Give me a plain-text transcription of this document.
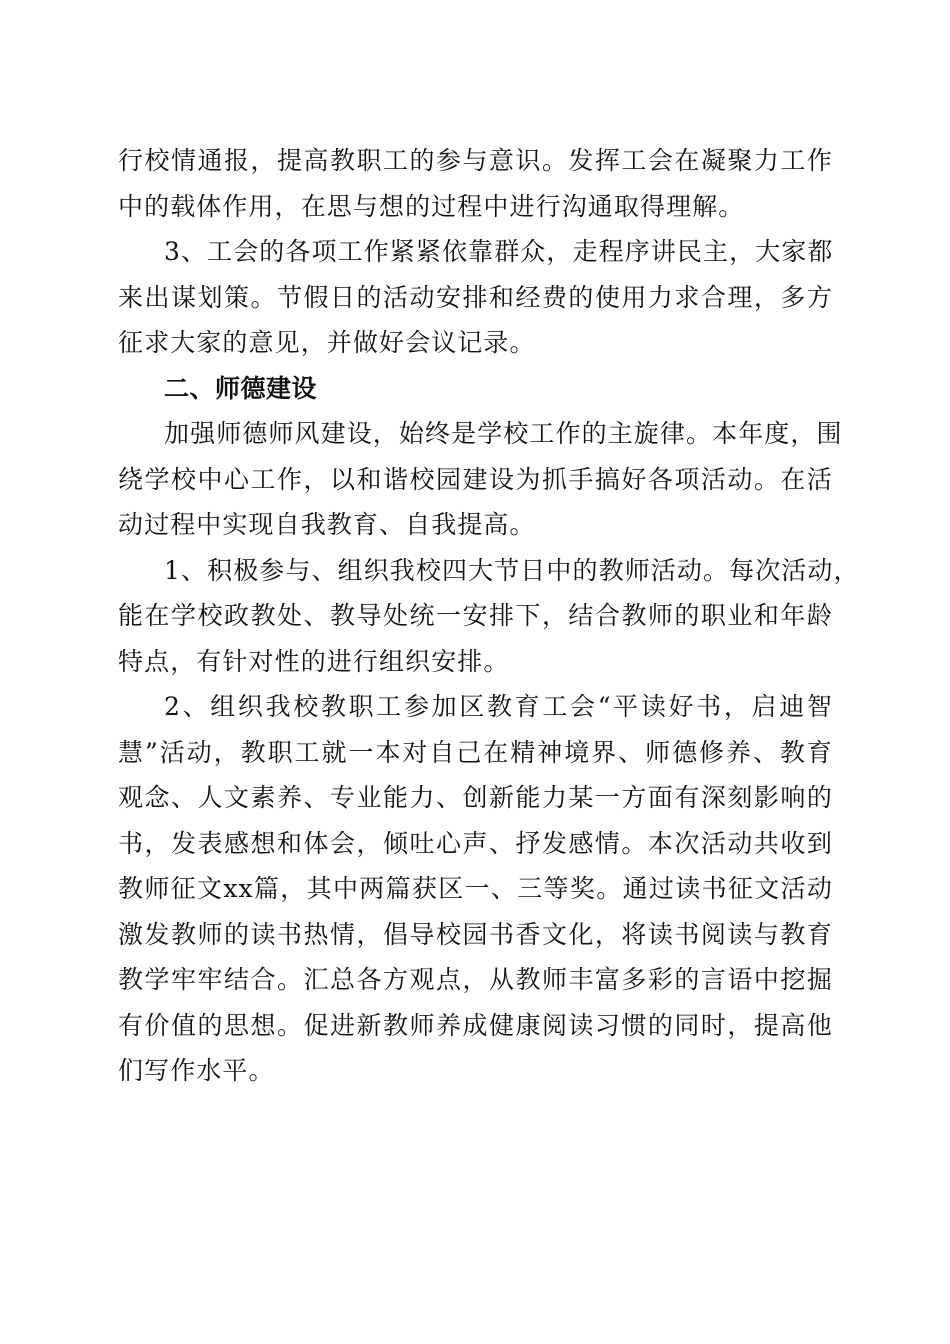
行校情通报，提高教职工的参与意识。发挥工会在凝聚力工作
中的载体作用，在思与想的过程中进行沟通取得理解。
3、工会的各项工作紧紧依靠群众，走程序讲民主，大家都
来出谋划策。节假日的活动安排和经费的使用力求合理，多方
征求大家的意见，并做好会议记录。
二、师德建设
加强师德师风建设，始终是学校工作的主旋律。本年度，围
绕学校中心工作，以和谐校园建设为抓手搞好各项活动。在活
动过程中实现自我教育、自我提高。
1、积极参与、组织我校四大节日中的教师活动。每次活动，
能在学校政教处、教导处统一安排下，结合教师的职业和年龄
特点，有针对性的进行组织安排。
2、组织我校教职工参加区教育工会“平读好书，启迪智
慧”活动，教职工就一本对自己在精神境界、师德修养、教育
观念、人文素养、专业能力、创新能力某一方面有深刻影响的
书，发表感想和体会，倾吐心声、抒发感情。本次活动共收到
教师征文xx篇，其中两篇获区一、三等奖。通过读书征文活动
激发教师的读书热情，倡导校园书香文化，将读书阅读与教育
教学牢牢结合。汇总各方观点，从教师丰富多彩的言语中挖掘
有价值的思想。促进新教师养成健康阅读习惯的同时，提高他
们写作水平。
